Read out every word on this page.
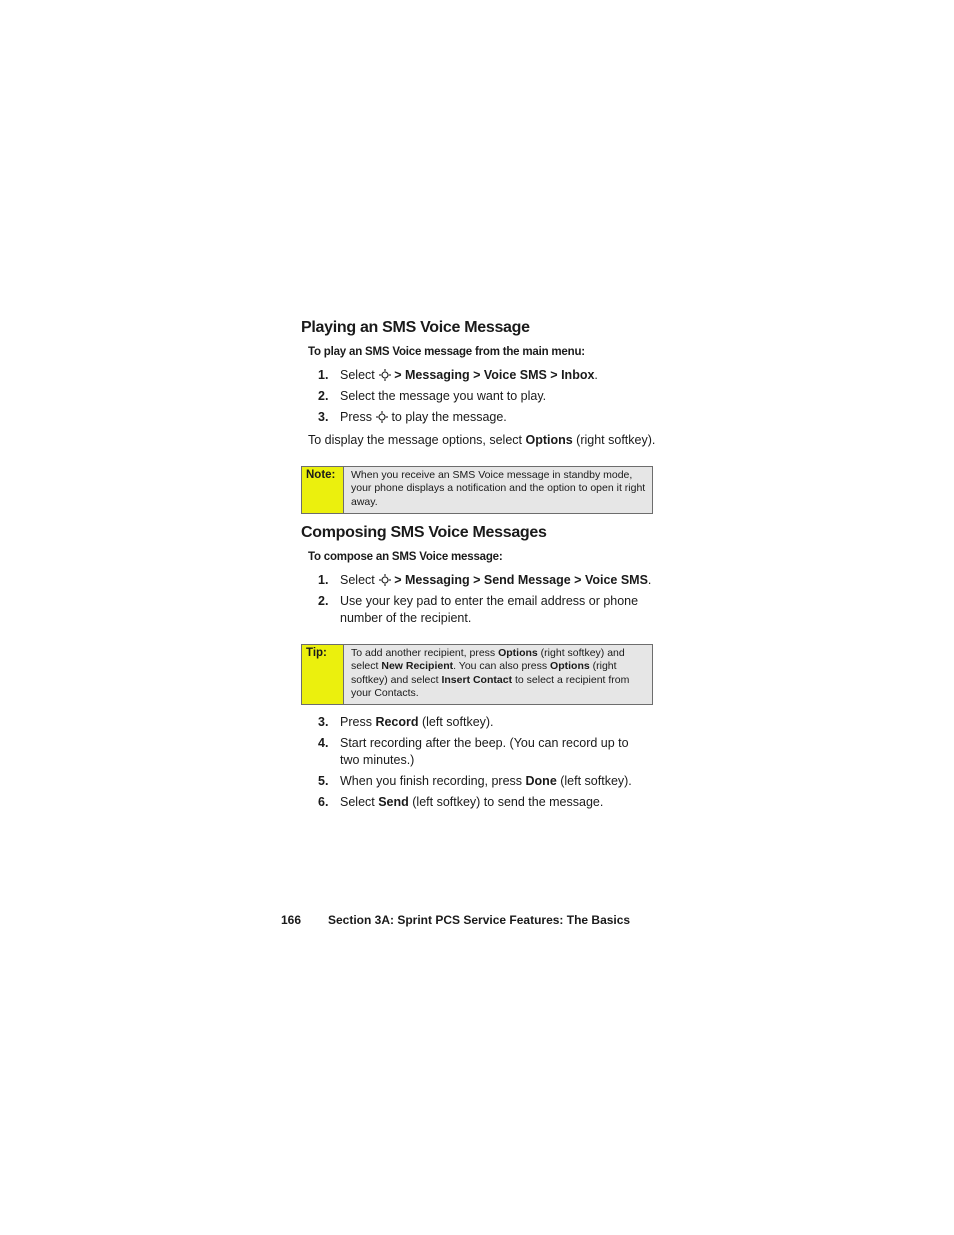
Playing an SMS Voice Message
To play an SMS Voice message from the main menu:
1. Select > Messaging > Voice SMS > Inbox.
2. Select the message you want to play.
3. Press to play the message.
To display the message options, select Options (right softkey).
Note:	When you receive an SMS Voice message in standby mode, your phone displays a notification and the option to open it right away.
Composing SMS Voice Messages
To compose an SMS Voice message:
1. Select > Messaging > Send Message > Voice SMS.
2. Use your key pad to enter the email address or phone number of the recipient.
Tip:	To add another recipient, press Options (right softkey) and select New Recipient. You can also press Options (right softkey) and select Insert Contact to select a recipient from your Contacts.
3. Press Record (left softkey).
4. Start recording after the beep. (You can record up to two minutes.)
5. When you finish recording, press Done (left softkey).
6. Select Send (left softkey) to send the message.
166 Section 3A: Sprint PCS Service Features: The Basics
